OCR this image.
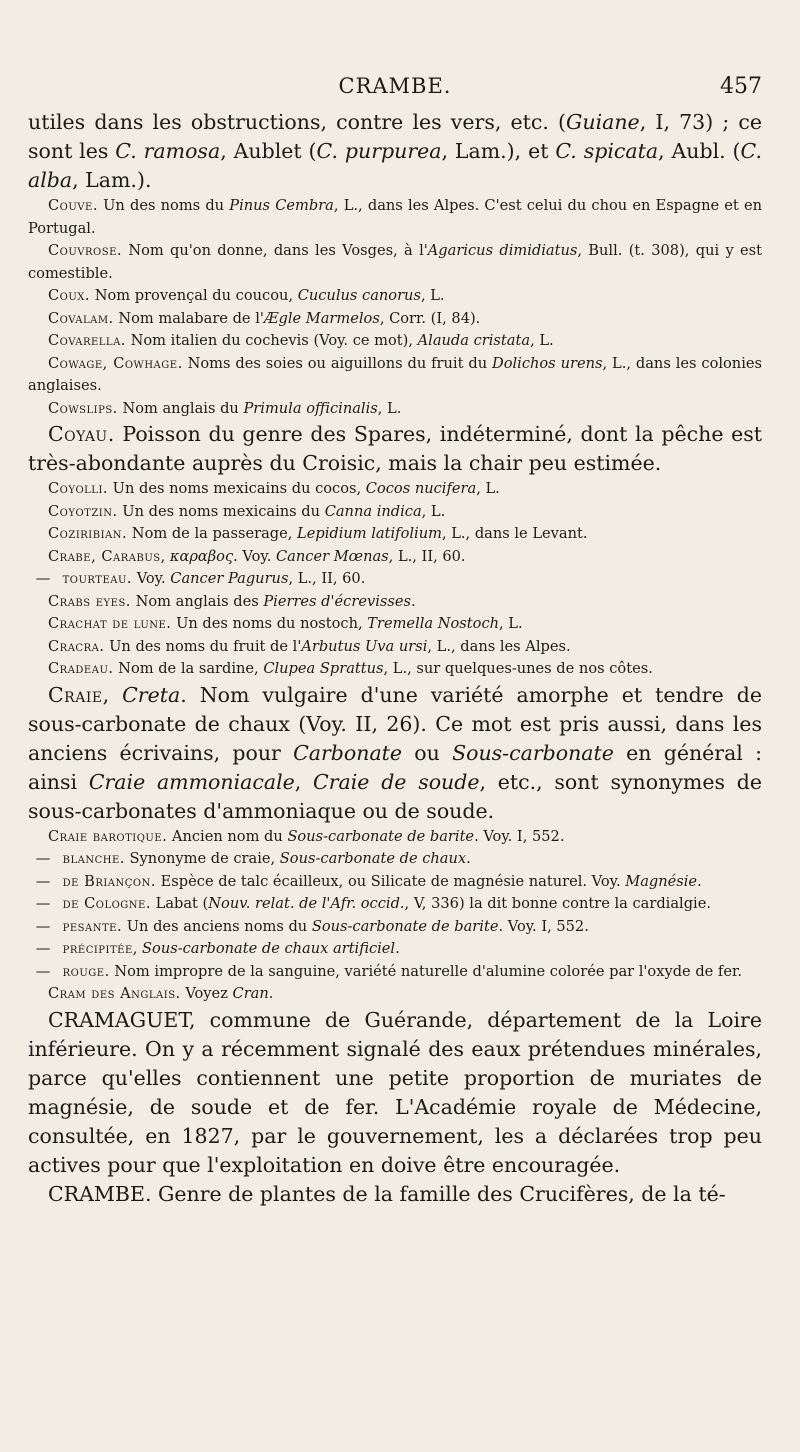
CRAMBE.	457

utiles dans les obstructions, contre les vers, etc. (Guiane, I, 73) ; ce sont les C. ramosa, Aublet (C. purpurea, Lam.), et C. spicata, Aubl. (C. alba, Lam.).

Couve. Un des noms du Pinus Cembra, L., dans les Alpes. C'est celui du chou en Espagne et en Portugal.

Couvrose. Nom qu'on donne, dans les Vosges, à l'Agaricus dimidiatus, Bull. (t. 308), qui y est comestible.

Coux. Nom provençal du coucou, Cuculus canorus, L.

Covalam. Nom malabare de l'Ægle Marmelos, Corr. (I, 84).

Covarella. Nom italien du cochevis (Voy. ce mot), Alauda cristata, L.

Cowage, Cowhage. Noms des soies ou aiguillons du fruit du Dolichos urens, L., dans les colonies anglaises.

Cowslips. Nom anglais du Primula officinalis, L.

Coyau. Poisson du genre des Spares, indéterminé, dont la pêche est très-abondante auprès du Croisic, mais la chair peu estimée.

Coyolli. Un des noms mexicains du cocos, Cocos nucifera, L.

Coyotzin. Un des noms mexicains du Canna indica, L.

Coziribian. Nom de la passerage, Lepidium latifolium, L., dans le Levant.

Crabe, Carabus, καραβος. Voy. Cancer Mœnas, L., II, 60.

— tourteau. Voy. Cancer Pagurus, L., II, 60.

Crabs eyes. Nom anglais des Pierres d'écrevisses.

Crachat de lune. Un des noms du nostoch, Tremella Nostoch, L.

Cracra. Un des noms du fruit de l'Arbutus Uva ursi, L., dans les Alpes.

Cradeau. Nom de la sardine, Clupea Sprattus, L., sur quelques-unes de nos côtes.

Craie, Creta. Nom vulgaire d'une variété amorphe et tendre de sous-carbonate de chaux (Voy. II, 26). Ce mot est pris aussi, dans les anciens écrivains, pour Carbonate ou Sous-carbonate en général : ainsi Craie ammoniacale, Craie de soude, etc., sont synonymes de sous-carbonates d'ammoniaque ou de soude.

Craie barotique. Ancien nom du Sous-carbonate de barite. Voy. I, 552.

— blanche. Synonyme de craie, Sous-carbonate de chaux.

— de Briançon. Espèce de talc écailleux, ou Silicate de magnésie naturel. Voy. Magnésie.

— de Cologne. Labat (Nouv. relat. de l'Afr. occid., V, 336) la dit bonne contre la cardialgie.

— pesante. Un des anciens noms du Sous-carbonate de barite. Voy. I, 552.

— précipitée, Sous-carbonate de chaux artificiel.

— rouge. Nom impropre de la sanguine, variété naturelle d'alumine colorée par l'oxyde de fer.

Cram des Anglais. Voyez Cran.

CRAMAGUET, commune de Guérande, département de la Loire inférieure. On y a récemment signalé des eaux prétendues minérales, parce qu'elles contiennent une petite proportion de muriates de magnésie, de soude et de fer. L'Académie royale de Médecine, consultée, en 1827, par le gouvernement, les a déclarées trop peu actives pour que l'exploitation en doive être encouragée.

CRAMBE. Genre de plantes de la famille des Crucifères, de la té-
